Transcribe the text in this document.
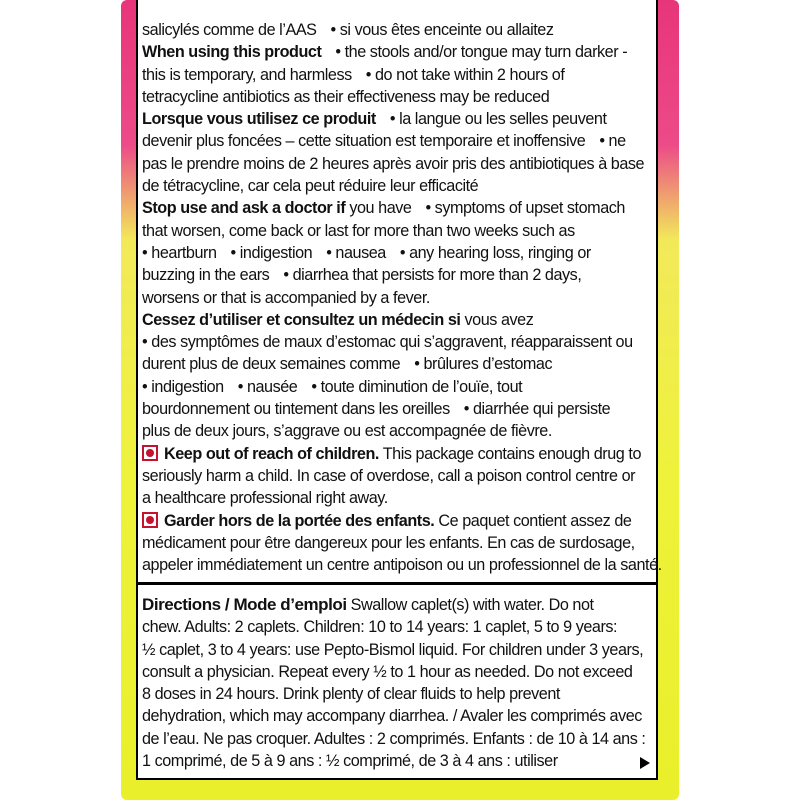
salicylés comme de l’AAS • si vous êtes enceinte ou allaitez
When using this product • the stools and/or tongue may turn darker -
this is temporary, and harmless • do not take within 2 hours of
tetracycline antibiotics as their effectiveness may be reduced
Lorsque vous utilisez ce produit • la langue ou les selles peuvent
devenir plus foncées – cette situation est temporaire et inoffensive • ne
pas le prendre moins de 2 heures après avoir pris des antibiotiques à base
de tétracycline, car cela peut réduire leur efficacité
Stop use and ask a doctor if you have • symptoms of upset stomach
that worsen, come back or last for more than two weeks such as
• heartburn • indigestion • nausea • any hearing loss, ringing or
buzzing in the ears • diarrhea that persists for more than 2 days,
worsens or that is accompanied by a fever.
Cessez d’utiliser et consultez un médecin si vous avez
• des symptômes de maux d’estomac qui s’aggravent, réapparaissent ou
durent plus de deux semaines comme • brûlures d’estomac
• indigestion • nausée • toute diminution de l’ouïe, tout
bourdonnement ou tintement dans les oreilles • diarrhée qui persiste
plus de deux jours, s’aggrave ou est accompagnée de fièvre.
Keep out of reach of children. This package contains enough drug to
seriously harm a child. In case of overdose, call a poison control centre or
a healthcare professional right away.
Garder hors de la portée des enfants. Ce paquet contient assez de
médicament pour être dangereux pour les enfants. En cas de surdosage,
appeler immédiatement un centre antipoison ou un professionnel de la santé.
Directions / Mode d’emploi Swallow caplet(s) with water. Do not
chew. Adults: 2 caplets. Children: 10 to 14 years: 1 caplet, 5 to 9 years:
½ caplet, 3 to 4 years: use Pepto-Bismol liquid. For children under 3 years,
consult a physician. Repeat every ½ to 1 hour as needed. Do not exceed
8 doses in 24 hours. Drink plenty of clear fluids to help prevent
dehydration, which may accompany diarrhea. / Avaler les comprimés avec
de l’eau. Ne pas croquer. Adultes : 2 comprimés. Enfants : de 10 à 14 ans :
1 comprimé, de 5 à 9 ans : ½ comprimé, de 3 à 4 ans : utiliser
